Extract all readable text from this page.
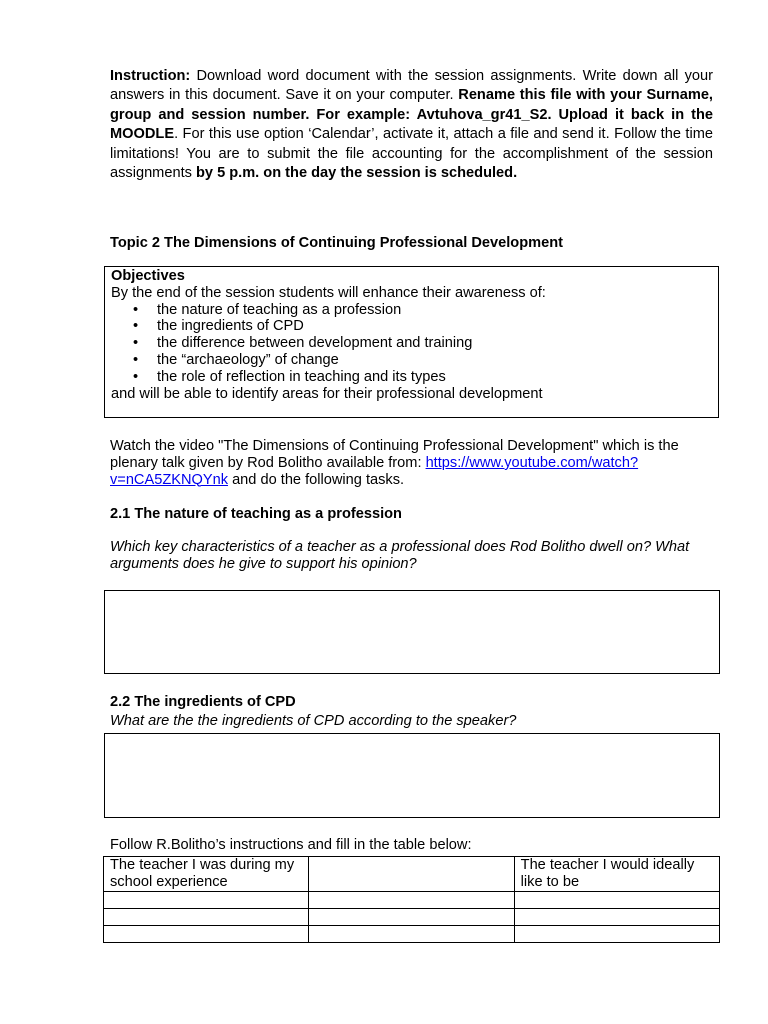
Instruction: Download word document with the session assignments. Write down all your answers in this document. Save it on your computer. Rename this file with your Surname, group and session number. For example: Avtuhova_gr41_S2. Upload it back in the MOODLE. For this use option ‘Calendar’, activate it, attach a file and send it. Follow the time limitations! You are to submit the file accounting for the accomplishment of the session assignments by 5 p.m. on the day the session is scheduled.
Topic 2 The Dimensions of Continuing Professional Development
Objectives
By the end of the session students will enhance their awareness of:
• the nature of teaching as a profession
• the ingredients of CPD
• the difference between development and training
• the “archaeology” of change
• the role of reflection in teaching and its types
and will be able to identify areas for their professional development
Watch the video "The Dimensions of Continuing Professional Development" which is the plenary talk given by Rod Bolitho available from: https://www.youtube.com/watch?v=nCA5ZKNQYnk and do the following tasks.
2.1 The nature of teaching as a profession
Which key characteristics of a teacher as a professional does Rod Bolitho dwell on? What arguments does he give to support his opinion?
2.2 The ingredients of CPD
What are the the ingredients of CPD according to the speaker?
Follow R.Bolitho’s instructions and fill in the table below:
The teacher I was during my school experience		The teacher I would ideally like to be
